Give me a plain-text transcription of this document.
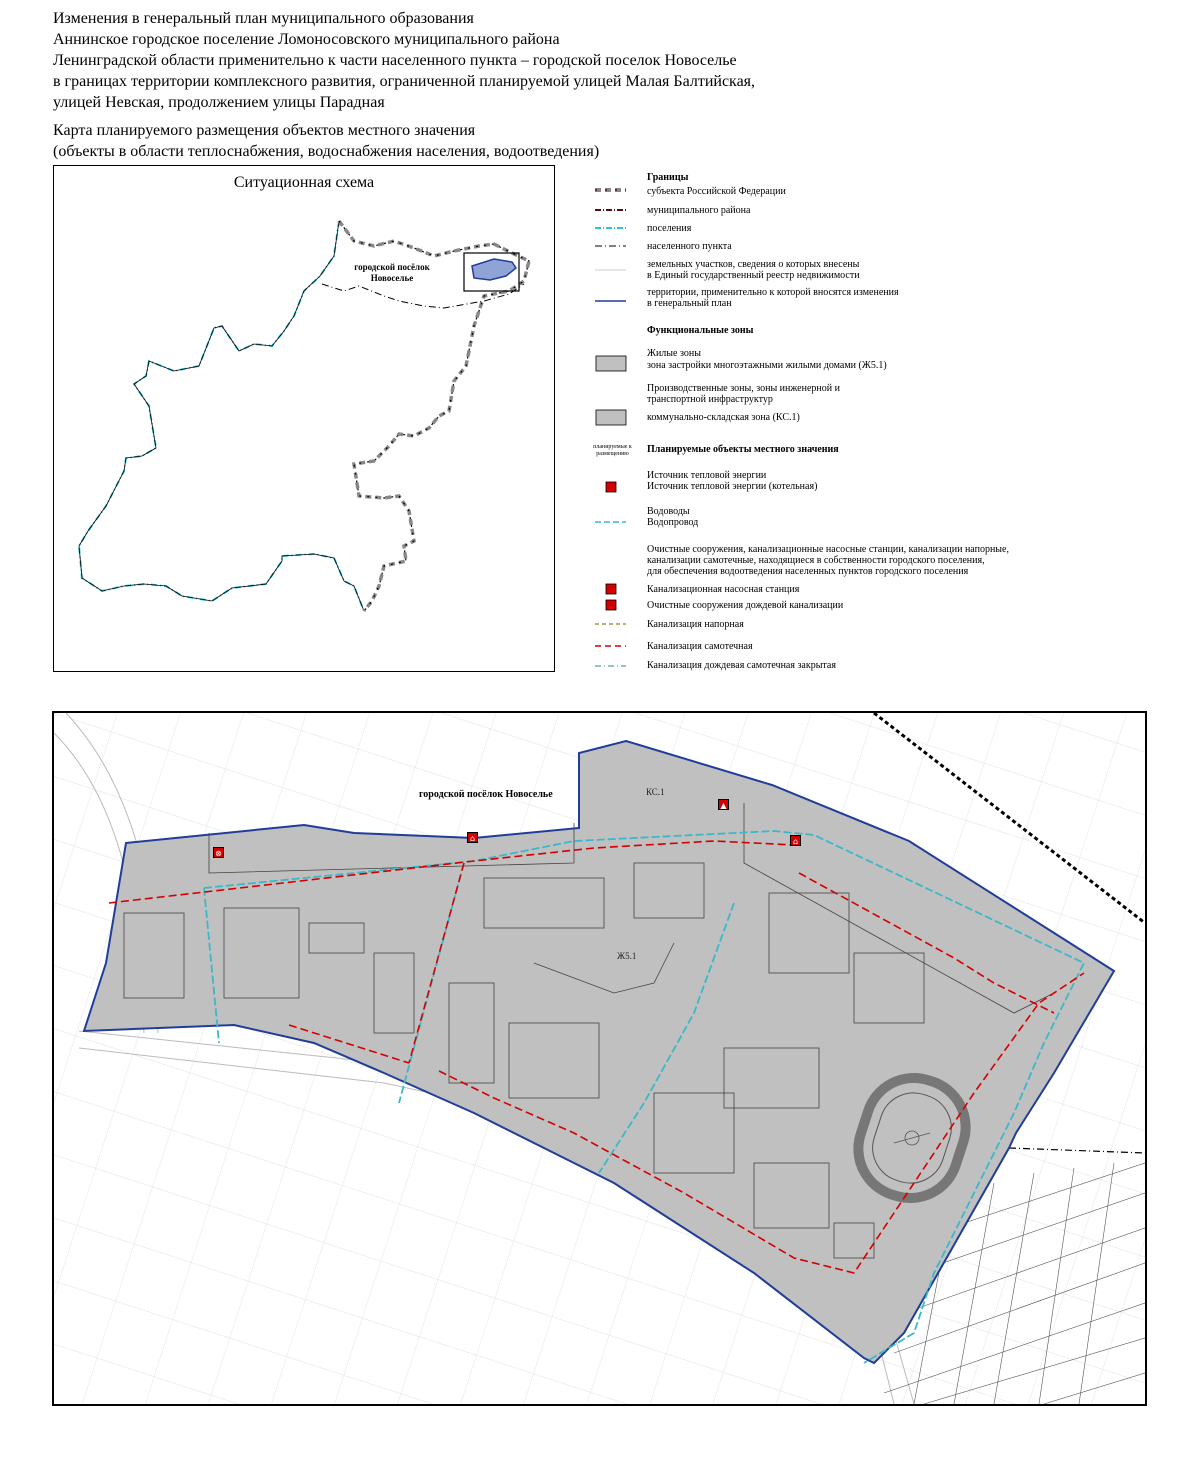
Изменения в генеральный план муниципального образования
Аннинское городское поселение Ломоносовского муниципального района
Ленинградской области применительно к части населенного пункта – городской поселок Новоселье
в границах территории комплексного развития, ограниченной планируемой улицей Малая Балтийская,
улицей Невская, продолжением улицы Парадная
Карта планируемого размещения объектов местного значения
(объекты в области теплоснабжения, водоснабжения населения, водоотведения)
Ситуационная схема
городской посёлок
Новоселье
Границы
субъекта Российской Федерации
муниципального района
поселения
населенного пункта
земельных участков, сведения о которых внесены
в Единый государственный реестр недвижимости
территории, применительно к которой вносятся изменения
в генеральный план
Функциональные зоны
Жилые зоны
зона застройки многоэтажными жилыми домами (Ж5.1)
Производственные зоны, зоны инженерной и
транспортной инфраструктур
коммунально-складская зона (КС.1)
планируемые к
размещению	Планируемые объекты местного значения
Источник тепловой энергии
Источник тепловой энергии (котельная)
Водоводы
Водопровод
Очистные сооружения, канализационные насосные станции, канализации напорные,
канализации самотечные, находящиеся в собственности городского поселения,
для обеспечения водоотведения населенных пунктов городского поселения
Канализационная насосная станция
Очистные сооружения дождевой канализации
Канализация напорная
Канализация самотечная
Канализация дождевая самотечная закрытая
городской посёлок Новоселье	КС.1
Ж5.1
⊗
⌂
▲
⌂
